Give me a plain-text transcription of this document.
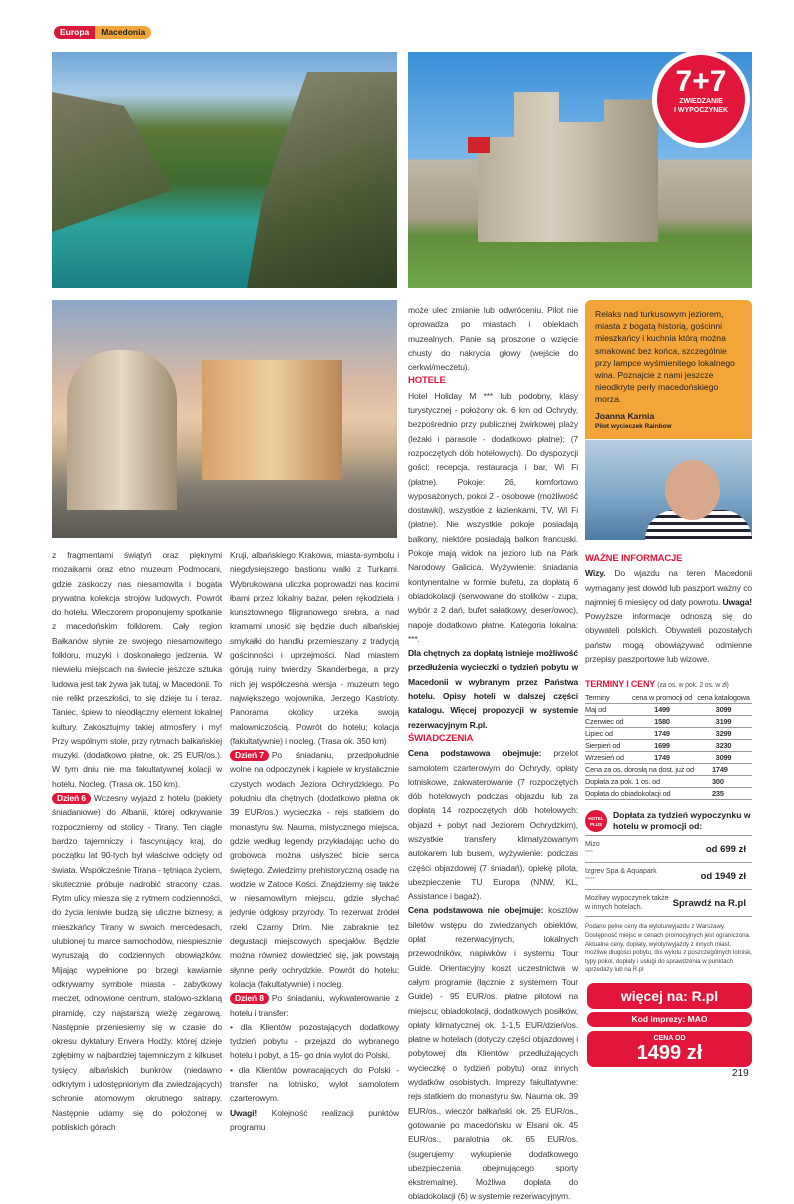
Europa	Macedonia
7+7
ZWIEDZANIE
I WYPOCZYNEK
Relaks nad turkusowym jeziorem, miasta z bogatą historią, gościnni mieszkańcy i kuchnia którą można smakować bez końca, szczególnie przy lampce wyśmienitego lokalnego wina. Poznajcie z nami jeszcze nieodkryte perły macedońskiego morza.
Joanna Karnia
Pilot wycieczek Rainbow

z fragmentami świątyń oraz pięknymi mozaikami oraz etno muzeum Podmocani, gdzie zaskoczy nas niesamowita i bogata prywatna kolekcja strojów ludowych. Powrót do hotelu. Wieczorem proponujemy spotkanie z macedońskim folklorem. Cały region Bałkanów słynie ze swojego niesamowitego folkloru, muzyki i doskonałego jedzenia. W niewielu miejscach na świecie jeszcze sztuka ludowa jest tak żywa jak tutaj, w Macedonii. To nie relikt przeszłości, to się dzieje tu i teraz. Taniec, śpiew to nieodłączny element lokalnej kultury. Zakosztujmy takiej atmosfery i my! Przy wspólnym stole, przy rytmach bałkańskiej muzyki. (dodatkowo płatne, ok. 25 EUR/os.). W tym dniu nie ma fakultatywnej kolacji w hotelu. Nocleg. (Trasa ok. 150 km).

Dzień 6 Wczesny wyjazd z hotelu (pakiety śniadaniowe) do Albanii, której odkrywanie rozpoczniemy od stolicy - Tirany. Ten ciągle bardzo tajemniczy i fascynujący kraj, do początku lat 90-tych był właściwe odcięty od świata. Współcześnie Tirana - tętniąca życiem, skutecznie próbuje nadrobić stracony czas. Rytm ulicy miesza się z rytmem codzienności, do życia leniwie budzą się uliczne biznesy, a mieszkańcy Tirany w swoich mercedesach, ulubionej tu marce samochodów, niespiesznie wyruszają do codziennych obowiązków. Mijając wypełnione po brzegi kawiarnie odkrywamy symbole miasta - zabytkowy meczet, odnowione centrum, stalowo-szklaną piramidę, czy najstarszą wieżę zegarową. Następnie przeniesiemy się w czasie do okresu dyktatury Envera Hodży, której dzieje zgłębimy w najbardziej tajemniczym z kilkuset tysięcy albańskich bunkrów (niedawno odkrytym i udostępnionym dla zwiedzających) schronie atomowym okrutnego satrapy. Następnie udamy się do położonej w pobliskich górach

Kruji, albańskiego Krakowa, miasta-symbolu i niegdysiejszego bastionu walki z Turkami. Wybrukowana uliczka poprowadzi nas kocimi łbami przez lokalny bazar, pełen rękodzieła i kunsztownego filigranowego srebra, a nad kramami unosić się będzie duch albańskiej smykałki do handlu przemieszany z tradycją gościnności i uprzejmości. Nad miastem górują ruiny twierdzy Skanderbega, a przy nich jej współczesna wersja - muzeum tego największego wojownika, Jerzego Kastrioty. Panorama okolicy urzeka swoją malowniczością. Powrót do hotelu; kolacja (fakultatywnie) i nocleg. (Trasa ok. 350 km)

Dzień 7 Po śniadaniu, przedpołudnie wolne na odpoczynek i kąpiele w krystalicznie czystych wodach Jeziora Ochrydzkiego. Po południu dla chętnych (dodatkowo płatna ok 39 EUR/os.) wycieczka - rejs statkiem do monastyru św. Nauma, mistycznego miejsca, gdzie według legendy przykładając ucho do grobowca można usłyszeć bicie serca świętego. Zwiedzimy prehistoryczną osadę na wodzie w Zatoce Kości. Znajdziemy się także w niesamowitym miejscu, gdzie słychać jedynie odgłosy przyrody. To rezerwat źródeł rzeki Czarny Drim. Nie zabraknie też degustacji miejscowych specjałów. Będzie można również dowiedzieć się, jak powstają słynne perły ochrydzkie. Powrót do hotelu; kolacja (fakultatywnie) i nocleg.

Dzień 8 Po śniadaniu, wykwaterowanie z hotelu i transfer:

• dla Klientów pozostających dodatkowy tydzień pobytu - przejazd do wybranego hotelu i pobyt, a 15- go dnia wylot do Polski,

• dla Klientów powracających do Polski - transfer na lotnisko, wylot samolotem czarterowym.

Uwagi! Kolejność realizacji punktów programu

może ulec zmianie lub odwróceniu. Pilot nie oprowadza po miastach i obiektach muzealnych. Panie są proszone o wzięcie chusty do nakrycia głowy (wejście do cerkwi/meczetu).

HOTELE

Hotel Holiday M *** lub podobny, klasy turystycznej - położony ok. 6 km od Ochrydy, bezpośrednio przy publicznej żwirkowej plaży (leżaki i parasole - dodatkowo płatne); (7 rozpoczętych dób hotelowych). Do dyspozycji gości: recepcja, restauracja i bar, Wi Fi (płatne). Pokoje: 26, komfortowo wyposażonych, pokoi 2 - osobowe (możliwość dostawki), wszystkie z łazienkami, TV, Wi Fi (płatne). Nie wszystkie pokoje posiadają balkony, niektóre posiadają balkon francuski. Pokoje mają widok na jezioro lub na Park Narodowy Galicica. Wyżywienie: śniadania kontynentalne w formie bufetu, za dopłatą 6 obiadokolacji (serwowane do stolików - zupa, wybór z 2 dań, bufet sałatkowy, deser/owoc), napoje dodatkowo płatne. Kategoria lokalna: ***.

Dla chętnych za dopłatą istnieje możliwość przedłużenia wycieczki o tydzień pobytu w Macedonii w wybranym przez Państwa hotelu. Opisy hoteli w dalszej części katalogu. Więcej propozycji w systemie rezerwacyjnym R.pl.

ŚWIADCZENIA

Cena podstawowa obejmuje: przelot samolotem czarterowym do Ochrydy, opłaty lotniskowe, zakwaterowanie (7 rozpoczętych dób hotelowych podczas objazdu lub za dopłatą 14 rozpoczętych dób hotelowych: objazd + pobyt nad Jeziorem Ochrydzkim), wszystkie transfery klimatyzowanym autokarem lub busem, wyżywienie: podczas części objazdowej (7 śniadań), opiekę pilota, ubezpieczenie TU Europa (NNW, KL, Assistance i bagaż).

Cena podstawowa nie obejmuje: kosztów biletów wstępu do zwiedzanych obiektów, opłat rezerwacyjnych, lokalnych przewodników, napiwków i systemu Tour Guide. Orientacyjny koszt uczestnictwa w całym programie (łącznie z systemem Tour Guide) - 95 EUR/os. płatne pilotowi na miejscu; obiadokolacji, dodatkowych posiłków, opłaty klimatycznej ok. 1-1,5 EUR/dzień/os. płatne w hotelach (dotyczy części objazdowej i pobytowej dla Klientów przedłużających wycieczkę o tydzień pobytu) oraz innych wydatków osobistych. Imprezy fakultatywne: rejs statkiem do monastyru św. Nauma ok. 39 EUR/os., wieczór bałkański ok. 25 EUR/os., gotowanie po macedońsku w Elsani ok. 45 EUR/os., paralotnia ok. 65 EUR/os. (sugerujemy wykupienie dodatkowego ubezpieczenia obejmującego sporty ekstremalne). Możliwa dopłata do obiadokolacji (6) w systemie rezerwacyjnym.

WAŻNE INFORMACJE

Wizy. Do wjazdu na teren Macedonii wymagany jest dowód lub paszport ważny co najmniej 6 miesięcy od daty powrotu. Uwaga! Powyższe informacje odnoszą się do obywateli polskich. Obywateli pozostałych państw mogą obowiązywać odmienne przepisy paszportowe lub wizowe.

TERMINY I CENY (za os. w pok. 2 os. w zł)
Terminy	cena w promocji od cena katalogowa
Maj od	1499	3099
Czerwiec od	1580	3199
Lipiec od	1749	3299
Sierpień od	1699	3230
Wrzesień od	1749	3099
Cena za os. dorosłą na dost. już od	1749
Dopłata za pok. 1 os. od	300
Dopłata do obiadokolacji od	235
HOTEL
PLUS
Dopłata za tydzień wypoczynku w hotelu w promocji od:
Mizo
****	od 699 zł
Izgrev Spa & Aquapark
*****	od 1949 zł
Możliwy wypoczynek także w innych hotelach.	Sprawdź na R.pl
Podano pełne ceny dla wylotu/wyjazdu z Warszawy. Dostępność miejsc w cenach promocyjnych jest ograniczona. Aktualne ceny, dopłaty, wyloty/wyjazdy z innych miast, możliwe długości pobytu, dni wylotu z poszczególnych lotnisk, typy pokoi, dopłaty i usługi do sprawdzenia w punktach sprzedaży lub na R.pl
więcej na: R.pl
Kod imprezy: MAO
CENA OD
1499 zł
219
